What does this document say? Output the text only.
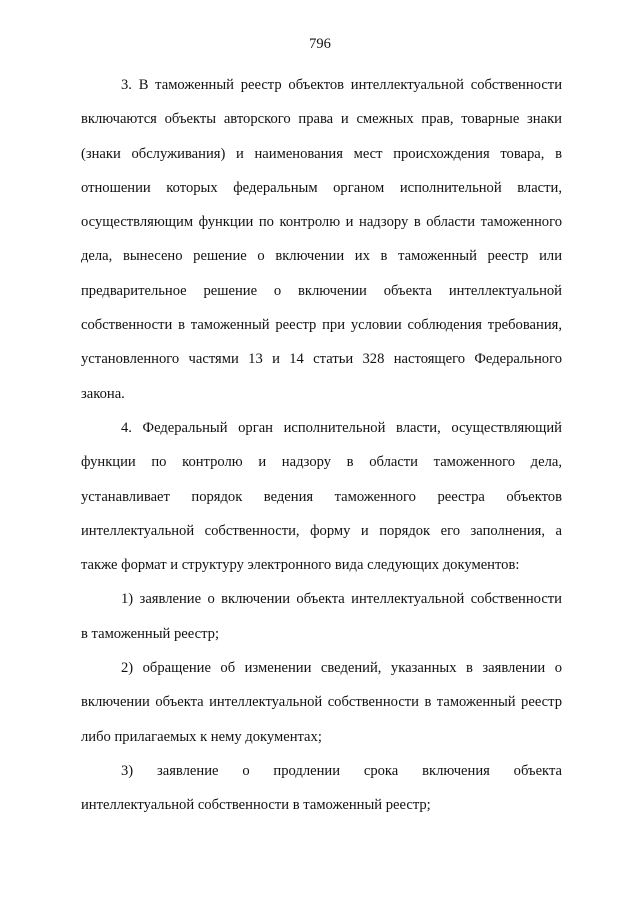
796
3. В таможенный реестр объектов интеллектуальной собственности
включаются объекты авторского права и смежных прав, товарные знаки
(знаки обслуживания) и наименования мест происхождения товара, в
отношении которых федеральным органом исполнительной власти,
осуществляющим функции по контролю и надзору в области таможенного
дела, вынесено решение о включении их в таможенный реестр или
предварительное решение о включении объекта интеллектуальной
собственности в таможенный реестр при условии соблюдения требования,
установленного частями 13 и 14 статьи 328 настоящего Федерального
закона.
4. Федеральный орган исполнительной власти, осуществляющий
функции по контролю и надзору в области таможенного дела,
устанавливает порядок ведения таможенного реестра объектов
интеллектуальной собственности, форму и порядок его заполнения, а
также формат и структуру электронного вида следующих документов:
1) заявление о включении объекта интеллектуальной собственности
в таможенный реестр;
2) обращение об изменении сведений, указанных в заявлении о
включении объекта интеллектуальной собственности в таможенный реестр
либо прилагаемых к нему документах;
3) заявление о продлении срока включения объекта
интеллектуальной собственности в таможенный реестр;
